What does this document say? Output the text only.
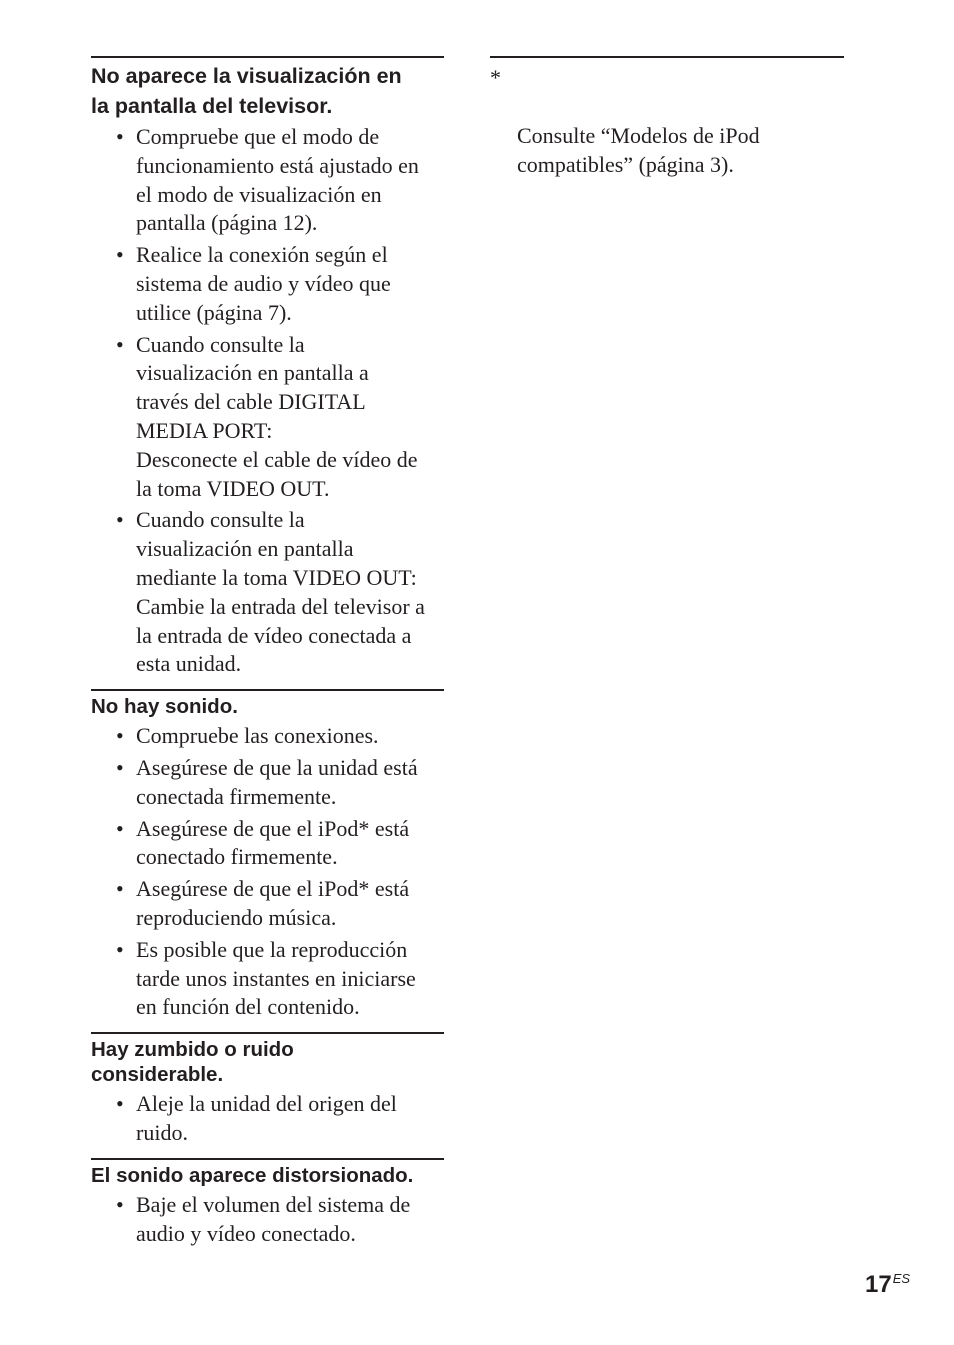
No aparece la visualización en
la pantalla del televisor.
• Compruebe que el modo de
funcionamiento está ajustado en
el modo de visualización en
pantalla (página 12).
• Realice la conexión según el
sistema de audio y vídeo que
utilice (página 7).
• Cuando consulte la
visualización en pantalla a
través del cable DIGITAL
MEDIA PORT:
Desconecte el cable de vídeo de
la toma VIDEO OUT.
• Cuando consulte la
visualización en pantalla
mediante la toma VIDEO OUT:
Cambie la entrada del televisor a
la entrada de vídeo conectada a
esta unidad.
No hay sonido.
• Compruebe las conexiones.
• Asegúrese de que la unidad está
conectada firmemente.
• Asegúrese de que el iPod* está
conectado firmemente.
• Asegúrese de que el iPod* está
reproduciendo música.
• Es posible que la reproducción
tarde unos instantes en iniciarse
en función del contenido.
Hay zumbido o ruido
considerable.
• Aleje la unidad del origen del
ruido.
El sonido aparece distorsionado.
• Baje el volumen del sistema de
audio y vídeo conectado.

*

Consulte “Modelos de iPod
compatibles” (página 3).

$17^{ES}$
